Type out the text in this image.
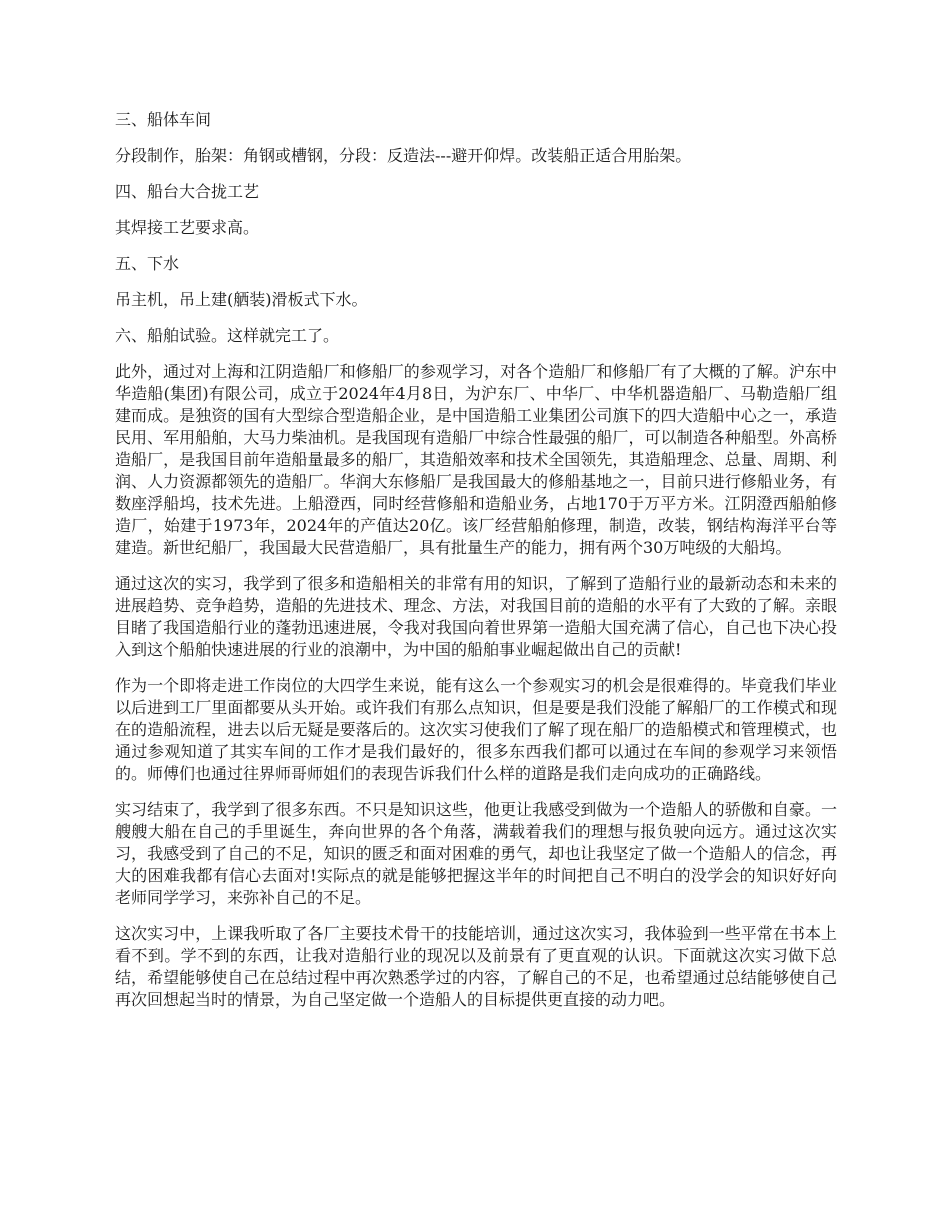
三、船体车间

分段制作，胎架：角钢或槽钢，分段：反造法---避开仰焊。改装船正适合用胎架。

四、船台大合拢工艺

其焊接工艺要求高。

五、下水

吊主机，吊上建(舾装)滑板式下水。

六、船舶试验。这样就完工了。

此外，通过对上海和江阴造船厂和修船厂的参观学习，对各个造船厂和修船厂有了大概的了解。沪东中华造船(集团)有限公司，成立于2024年4月8日，为沪东厂、中华厂、中华机器造船厂、马勒造船厂组建而成。是独资的国有大型综合型造船企业，是中国造船工业集团公司旗下的四大造船中心之一，承造民用、军用船舶，大马力柴油机。是我国现有造船厂中综合性最强的船厂，可以制造各种船型。外高桥造船厂，是我国目前年造船量最多的船厂，其造船效率和技术全国领先，其造船理念、总量、周期、利润、人力资源都领先的造船厂。华润大东修船厂是我国最大的修船基地之一，目前只进行修船业务，有数座浮船坞，技术先进。上船澄西，同时经营修船和造船业务，占地170于万平方米。江阴澄西船舶修造厂，始建于1973年，2024年的产值达20亿。该厂经营船舶修理，制造，改装，钢结构海洋平台等建造。新世纪船厂，我国最大民营造船厂，具有批量生产的能力，拥有两个30万吨级的大船坞。

通过这次的实习，我学到了很多和造船相关的非常有用的知识，了解到了造船行业的最新动态和未来的进展趋势、竞争趋势，造船的先进技术、理念、方法，对我国目前的造船的水平有了大致的了解。亲眼目睹了我国造船行业的蓬勃迅速进展，令我对我国向着世界第一造船大国充满了信心，自己也下决心投入到这个船舶快速进展的行业的浪潮中，为中国的船舶事业崛起做出自己的贡献!

作为一个即将走进工作岗位的大四学生来说，能有这么一个参观实习的机会是很难得的。毕竟我们毕业以后进到工厂里面都要从头开始。或许我们有那么点知识，但是要是我们没能了解船厂的工作模式和现在的造船流程，进去以后无疑是要落后的。这次实习使我们了解了现在船厂的造船模式和管理模式，也通过参观知道了其实车间的工作才是我们最好的，很多东西我们都可以通过在车间的参观学习来领悟的。师傅们也通过往界师哥师姐们的表现告诉我们什么样的道路是我们走向成功的正确路线。

实习结束了，我学到了很多东西。不只是知识这些，他更让我感受到做为一个造船人的骄傲和自豪。一艘艘大船在自己的手里诞生，奔向世界的各个角落，满载着我们的理想与报负驶向远方。通过这次实习，我感受到了自己的不足，知识的匮乏和面对困难的勇气，却也让我坚定了做一个造船人的信念，再大的困难我都有信心去面对!实际点的就是能够把握这半年的时间把自己不明白的没学会的知识好好向老师同学学习，来弥补自己的不足。

这次实习中，上课我听取了各厂主要技术骨干的技能培训，通过这次实习，我体验到一些平常在书本上看不到。学不到的东西，让我对造船行业的现况以及前景有了更直观的认识。下面就这次实习做下总结，希望能够使自己在总结过程中再次熟悉学过的内容，了解自己的不足，也希望通过总结能够使自己再次回想起当时的情景，为自己坚定做一个造船人的目标提供更直接的动力吧。
